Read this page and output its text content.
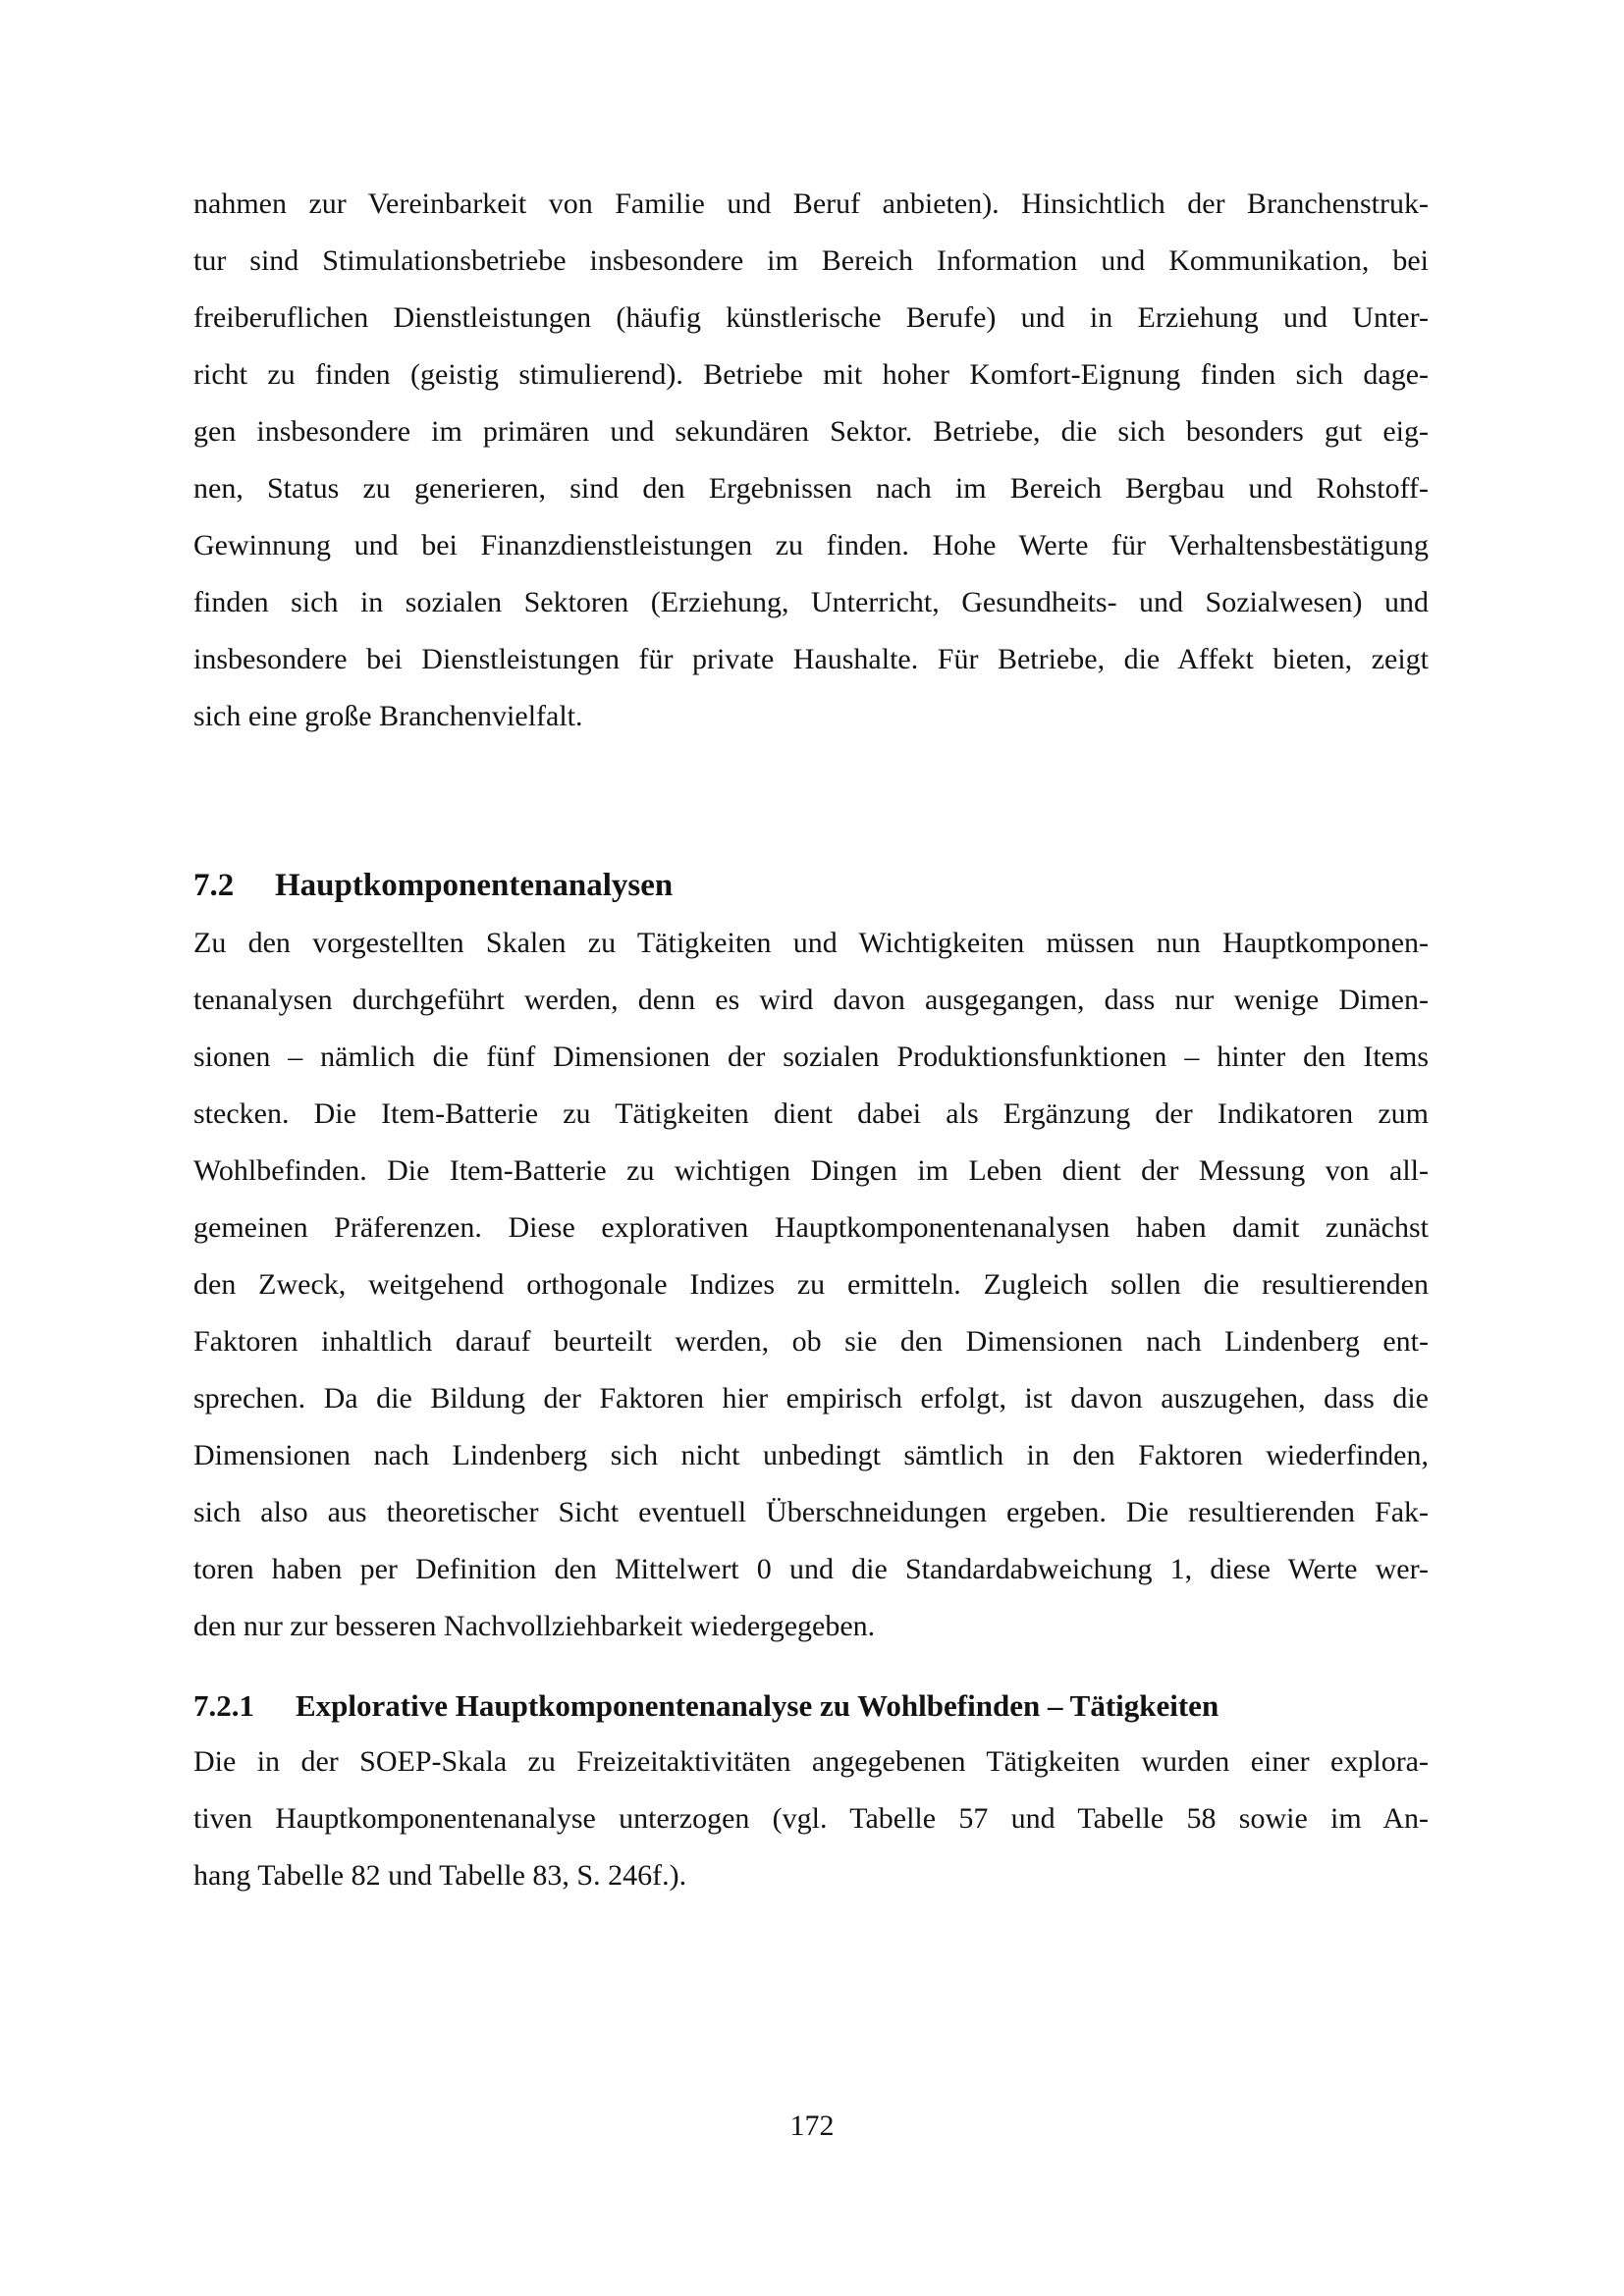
nahmen zur Vereinbarkeit von Familie und Beruf anbieten). Hinsichtlich der Branchenstruk-
tur sind Stimulationsbetriebe insbesondere im Bereich Information und Kommunikation, bei
freiberuflichen Dienstleistungen (häufig künstlerische Berufe) und in Erziehung und Unter-
richt zu finden (geistig stimulierend). Betriebe mit hoher Komfort-Eignung finden sich dage-
gen insbesondere im primären und sekundären Sektor. Betriebe, die sich besonders gut eig-
nen, Status zu generieren, sind den Ergebnissen nach im Bereich Bergbau und Rohstoff-
Gewinnung und bei Finanzdienstleistungen zu finden. Hohe Werte für Verhaltensbestätigung
finden sich in sozialen Sektoren (Erziehung, Unterricht, Gesundheits- und Sozialwesen) und
insbesondere bei Dienstleistungen für private Haushalte. Für Betriebe, die Affekt bieten, zeigt
sich eine große Branchenvielfalt.
7.2 Hauptkomponentenanalysen
Zu den vorgestellten Skalen zu Tätigkeiten und Wichtigkeiten müssen nun Hauptkomponen-
tenanalysen durchgeführt werden, denn es wird davon ausgegangen, dass nur wenige Dimen-
sionen – nämlich die fünf Dimensionen der sozialen Produktionsfunktionen – hinter den Items
stecken. Die Item-Batterie zu Tätigkeiten dient dabei als Ergänzung der Indikatoren zum
Wohlbefinden. Die Item-Batterie zu wichtigen Dingen im Leben dient der Messung von all-
gemeinen Präferenzen. Diese explorativen Hauptkomponentenanalysen haben damit zunächst
den Zweck, weitgehend orthogonale Indizes zu ermitteln. Zugleich sollen die resultierenden
Faktoren inhaltlich darauf beurteilt werden, ob sie den Dimensionen nach Lindenberg ent-
sprechen. Da die Bildung der Faktoren hier empirisch erfolgt, ist davon auszugehen, dass die
Dimensionen nach Lindenberg sich nicht unbedingt sämtlich in den Faktoren wiederfinden,
sich also aus theoretischer Sicht eventuell Überschneidungen ergeben. Die resultierenden Fak-
toren haben per Definition den Mittelwert 0 und die Standardabweichung 1, diese Werte wer-
den nur zur besseren Nachvollziehbarkeit wiedergegeben.
7.2.1 Explorative Hauptkomponentenanalyse zu Wohlbefinden – Tätigkeiten
Die in der SOEP-Skala zu Freizeitaktivitäten angegebenen Tätigkeiten wurden einer explora-
tiven Hauptkomponentenanalyse unterzogen (vgl. Tabelle 57 und Tabelle 58 sowie im An-
hang Tabelle 82 und Tabelle 83, S. 246f.).
172
